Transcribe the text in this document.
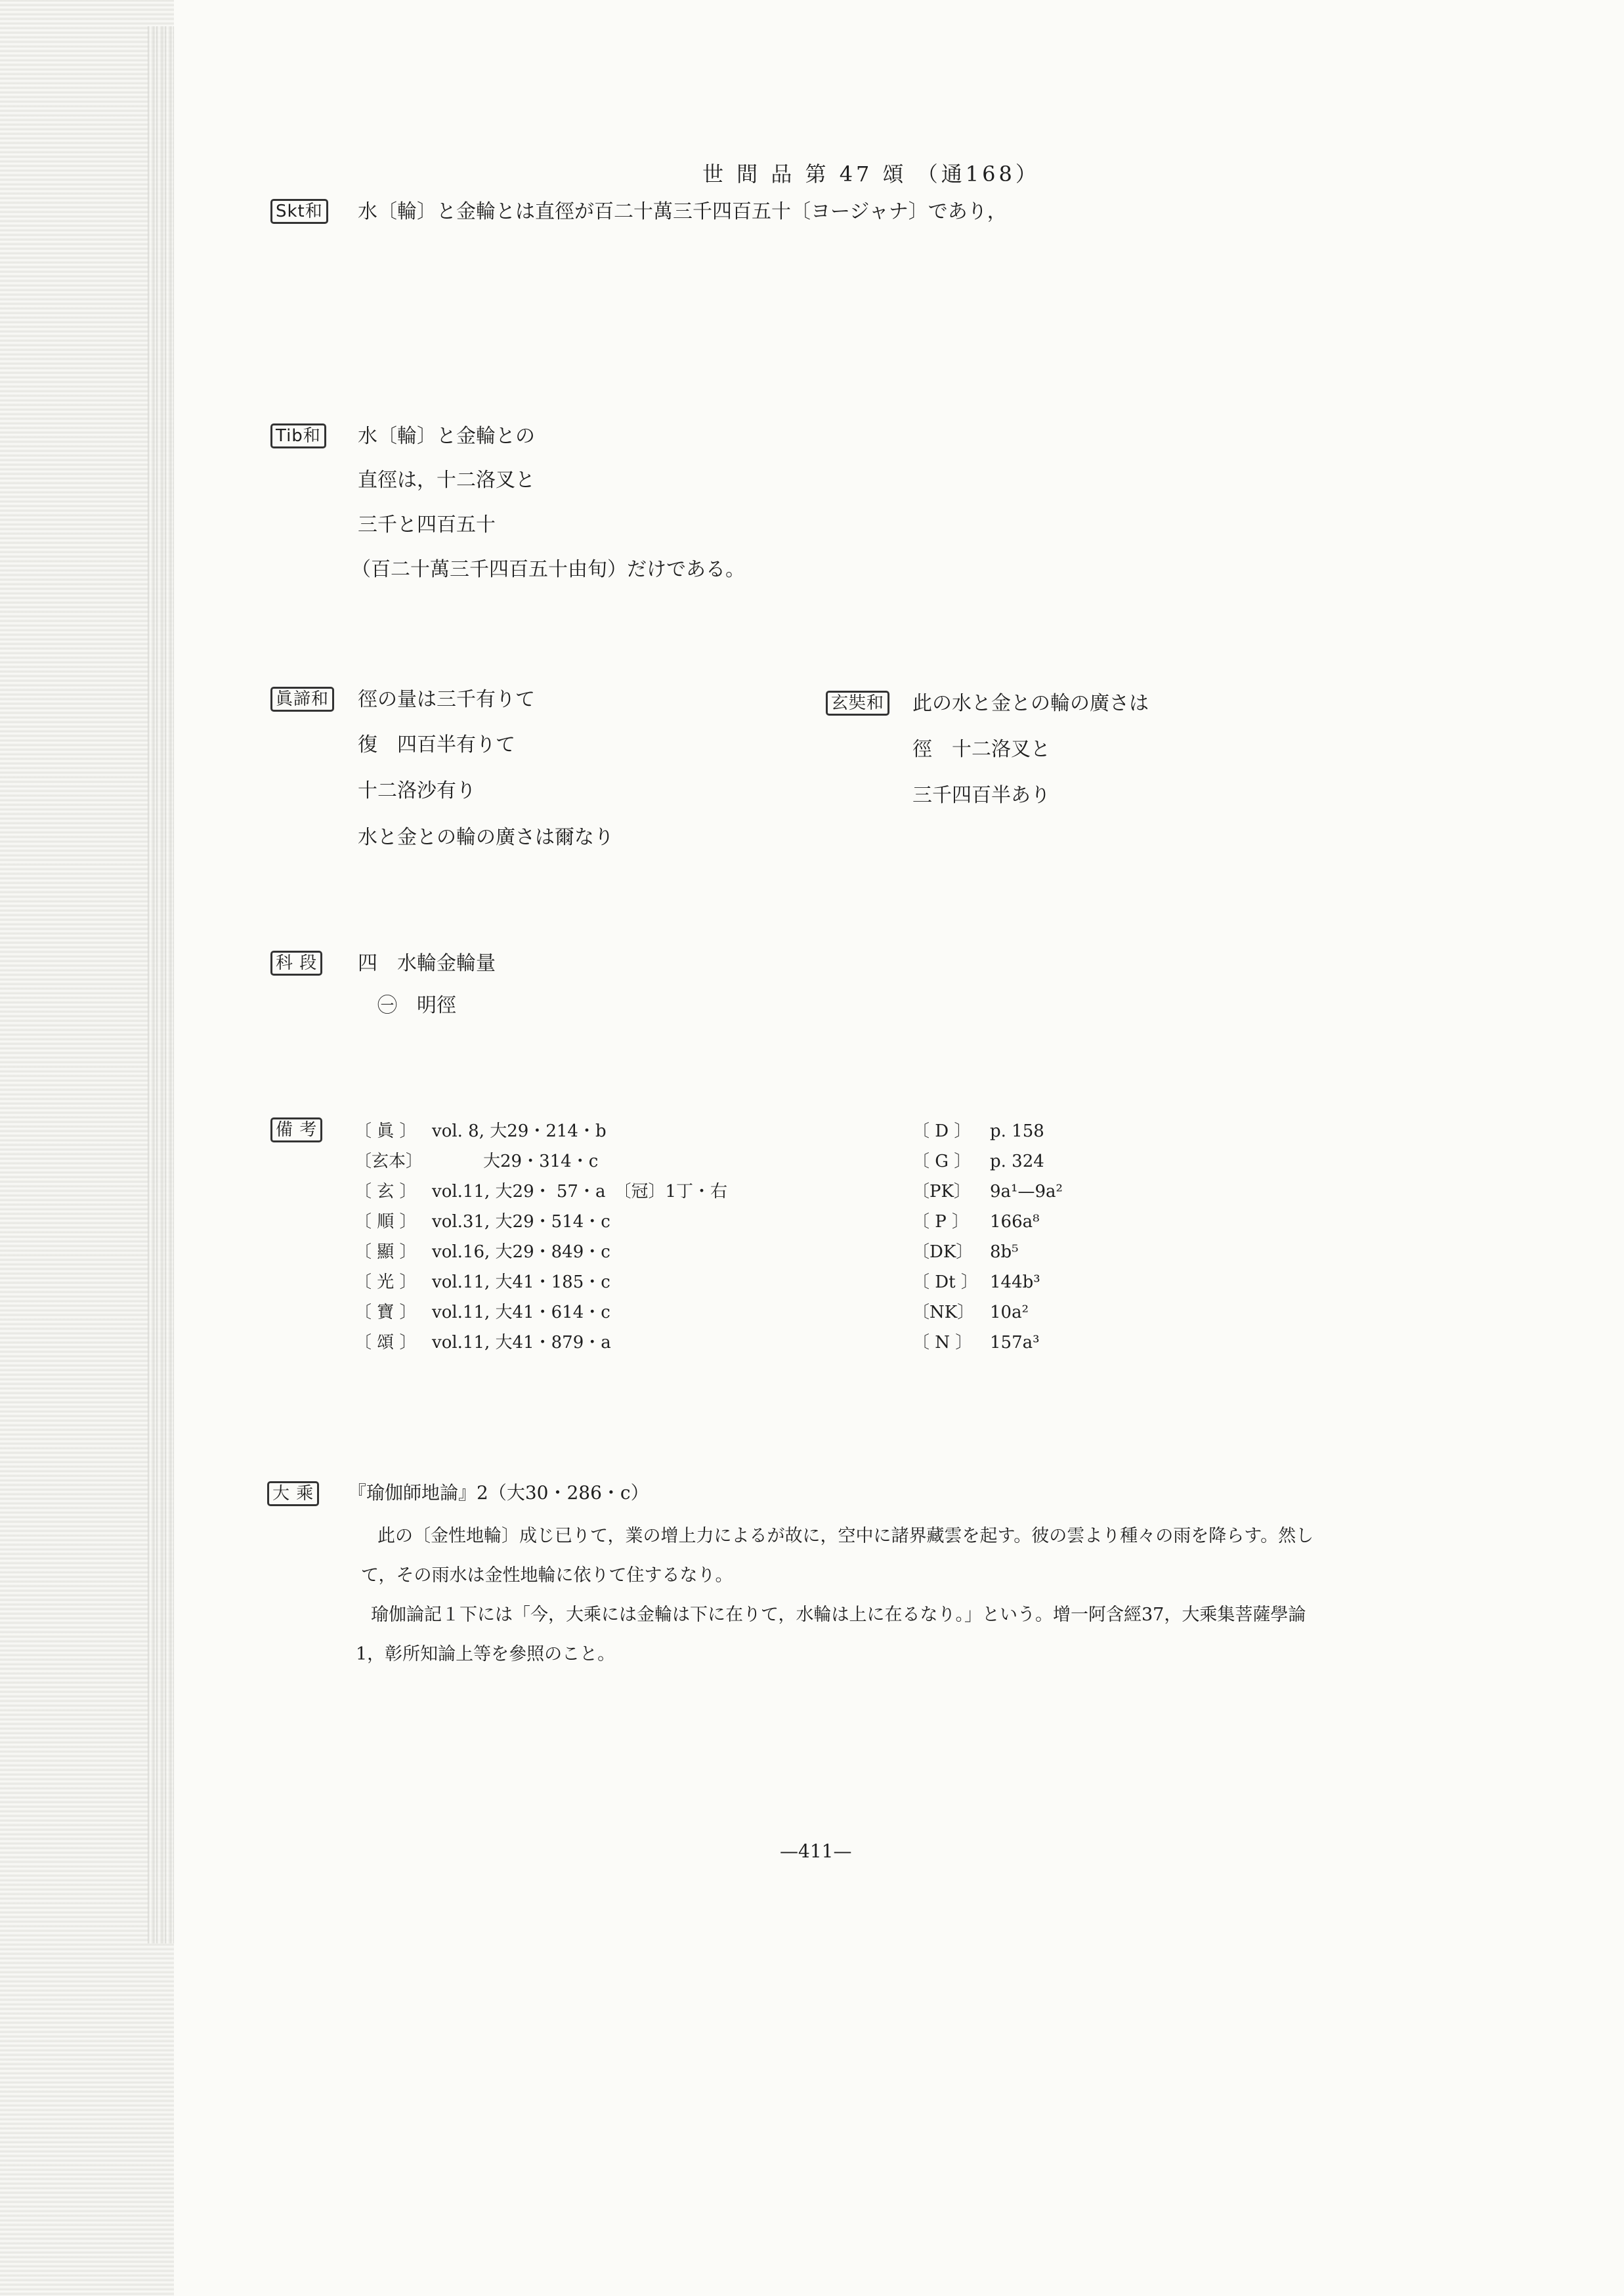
世 間 品 第 47 頌 （通168）
Skt和 水〔輪〕と金輪とは直徑が百二十萬三千四百五十〔ヨージャナ〕であり，
Tib和 水〔輪〕と金輪との
直徑は，十二洛叉と
三千と四百五十
（百二十萬三千四百五十由旬）だけである。
眞諦和 徑の量は三千有りて
復　四百半有りて
十二洛沙有り
水と金との輪の廣さは爾なり
玄奘和 此の水と金との輪の廣さは
徑　十二洛叉と
三千四百半あり
科 段 四　水輪金輪量
㊀　明徑
備 考	〔 眞 〕 vol. 8, 大29・214・b
〔玄本〕　　　大29・314・c
〔 玄 〕 vol.11, 大29・ 57・a　〔冠〕1丁・右
〔 順 〕 vol.31, 大29・514・c
〔 顯 〕 vol.16, 大29・849・c
〔 光 〕 vol.11, 大41・185・c
〔 寶 〕 vol.11, 大41・614・c
〔 頌 〕 vol.11, 大41・879・a
〔 D 〕 p. 158
〔 G 〕 p. 324
〔PK〕 9a¹—9a²
〔 P 〕 166a⁸
〔DK〕 8b⁵
〔 Dt 〕 144b³
〔NK〕 10a²
〔 N 〕 157a³
大 乘 『瑜伽師地論』2（大30・286・c）
此の〔金性地輪〕成じ已りて，業の增上力によるが故に，空中に諸界藏雲を起す。彼の雲より種々の雨を降らす。然し
て，その雨水は金性地輪に依りて住するなり。
瑜伽論記１下には「今，大乘には金輪は下に在りて，水輪は上に在るなり。」という。增一阿含經37，大乘集菩薩學論
1，彰所知論上等を參照のこと。
—411—
